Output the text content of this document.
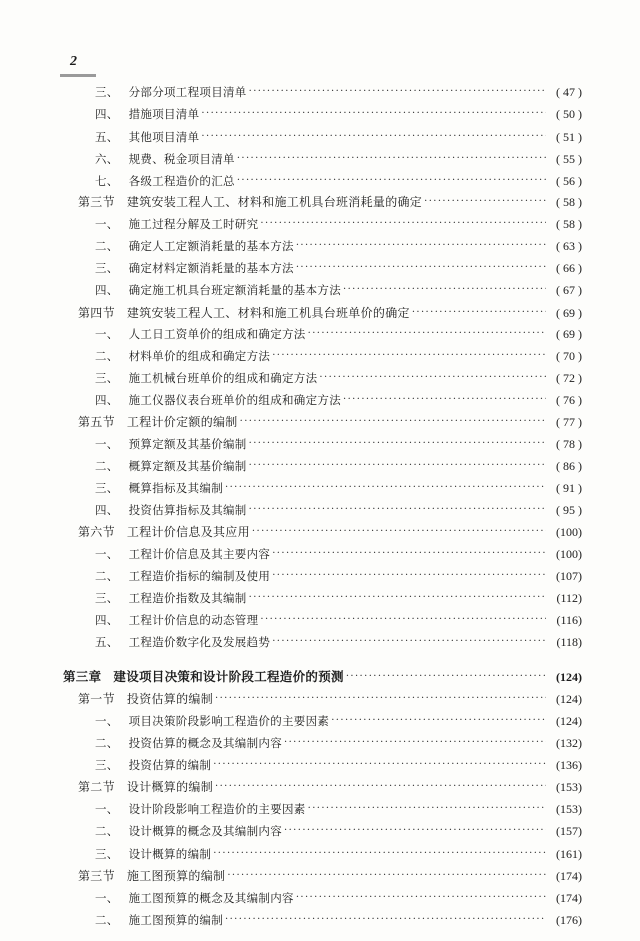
2
三、 分部分项工程项目清单 ·····	( 47 )
四、 措施项目清单 ·····	( 50 )
五、 其他项目清单 ·····	( 51 )
六、 规费、税金项目清单 ·····	( 55 )
七、 各级工程造价的汇总 ·····	( 56 )
第三节 建筑安装工程人工、材料和施工机具台班消耗量的确定 ·····	( 58 )
一、 施工过程分解及工时研究 ·····	( 58 )
二、 确定人工定额消耗量的基本方法 ·····	( 63 )
三、 确定材料定额消耗量的基本方法 ·····	( 66 )
四、 确定施工机具台班定额消耗量的基本方法 ·····	( 67 )
第四节 建筑安装工程人工、材料和施工机具台班单价的确定 ·····	( 69 )
一、 人工日工资单价的组成和确定方法 ·····	( 69 )
二、 材料单价的组成和确定方法 ·····	( 70 )
三、 施工机械台班单价的组成和确定方法 ·····	( 72 )
四、 施工仪器仪表台班单价的组成和确定方法 ·····	( 76 )
第五节 工程计价定额的编制 ·····	( 77 )
一、 预算定额及其基价编制 ·····	( 78 )
二、 概算定额及其基价编制 ·····	( 86 )
三、 概算指标及其编制 ·····	( 91 )
四、 投资估算指标及其编制 ·····	( 95 )
第六节 工程计价信息及其应用 ·····	(100)
一、 工程计价信息及其主要内容 ·····	(100)
二、 工程造价指标的编制及使用 ·····	(107)
三、 工程造价指数及其编制 ·····	(112)
四、 工程计价信息的动态管理 ·····	(116)
五、 工程造价数字化及发展趋势 ·····	(118)
第三章 建设项目决策和设计阶段工程造价的预测 ·····	(124)
第一节 投资估算的编制 ·····	(124)
一、 项目决策阶段影响工程造价的主要因素 ·····	(124)
二、 投资估算的概念及其编制内容 ·····	(132)
三、 投资估算的编制 ·····	(136)
第二节 设计概算的编制 ·····	(153)
一、 设计阶段影响工程造价的主要因素 ·····	(153)
二、 设计概算的概念及其编制内容 ·····	(157)
三、 设计概算的编制 ·····	(161)
第三节 施工图预算的编制 ·····	(174)
一、 施工图预算的概念及其编制内容 ·····	(174)
二、 施工图预算的编制 ·····	(176)
